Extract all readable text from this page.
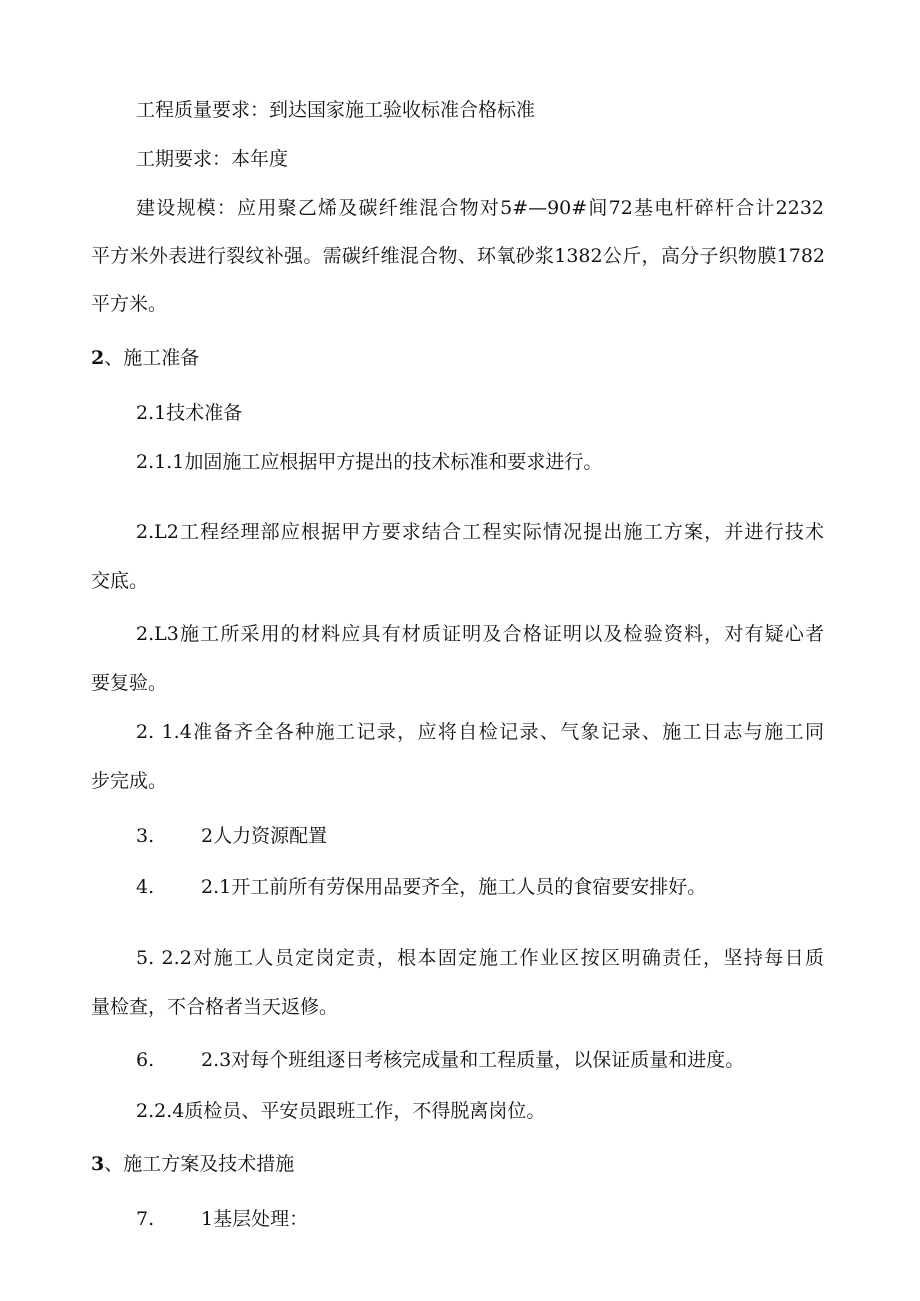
工程质量要求：到达国家施工验收标准合格标准
工期要求：本年度
建设规模：应用聚乙烯及碳纤维混合物对5#—90#间72基电杆碎杆合计2232
平方米外表进行裂纹补强。需碳纤维混合物、环氧砂浆1382公斤，高分子织物膜1782
平方米。
2、施工准备
2.1技术准备
2.1.1加固施工应根据甲方提出的技术标准和要求进行。
2.L2工程经理部应根据甲方要求结合工程实际情况提出施工方案，并进行技术
交底。
2.L3施工所采用的材料应具有材质证明及合格证明以及检验资料，对有疑心者
要复验。
2. 1.4准备齐全各种施工记录，应将自检记录、气象记录、施工日志与施工同
步完成。
3. 2人力资源配置
4. 2.1开工前所有劳保用品要齐全，施工人员的食宿要安排好。
5. 2.2对施工人员定岗定责，根本固定施工作业区按区明确责任，坚持每日质
量检查，不合格者当天返修。
6. 2.3对每个班组逐日考核完成量和工程质量，以保证质量和进度。
2.2.4质检员、平安员跟班工作，不得脱离岗位。
3、施工方案及技术措施
7. 1基层处理：
